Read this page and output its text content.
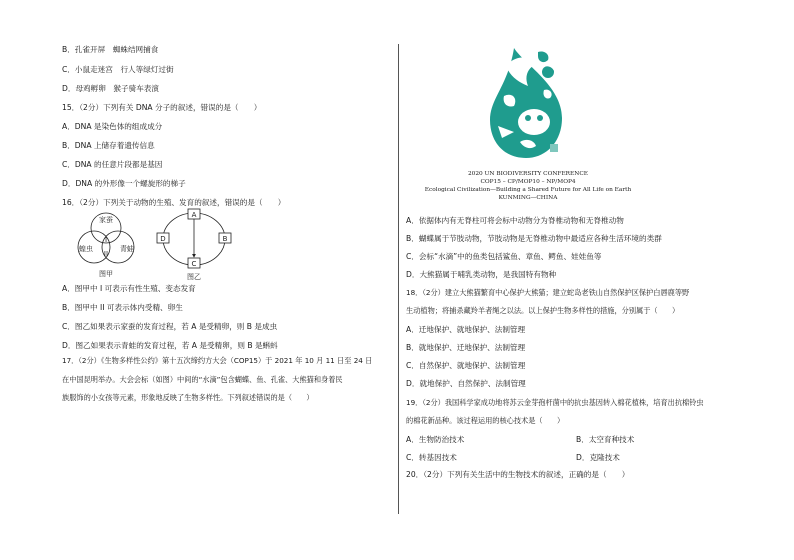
B．孔雀开屏　蜘蛛结网捕食
C．小鼠走迷宫　行人等绿灯过街
D．母鸡孵卵　猴子骑车表演
15．（2分）下列有关 DNA 分子的叙述，错误的是（　　）
A．DNA 是染色体的组成成分
B．DNA 上储存着遗传信息
C．DNA 的任意片段都是基因
D．DNA 的外形像一个螺旋形的梯子
16．（2分）下列关于动物的生殖、发育的叙述，错误的是（　　）
家蚕
蝗虫	青蛙
I
II
图甲
A
B
C
D
图乙
A．图甲中 I 可表示有性生殖、变态发育
B．图甲中 II 可表示体内受精、卵生
C．图乙如果表示家蚕的发育过程，若 A 是受精卵，则 B 是成虫
D．图乙如果表示青蛙的发育过程，若 A 是受精卵，则 B 是蝌蚪
17．（2分）《生物多样性公约》第十五次缔约方大会（COP15）于 2021 年 10 月 11 日至 24 日
在中国昆明举办。大会会标（如图）中间的“水滴”包含蝴蝶、鱼、孔雀、大熊猫和身着民
族服饰的小女孩等元素，形象地反映了生物多样性。下列叙述错误的是（　　）
2020 UN BIODIVERSITY CONFERENCE
COP15 – CP/MOP10 – NP/MOP4
Ecological Civilization—Building a Shared Future for All Life on Earth
KUNMING—CHINA
A．依据体内有无脊柱可将会标中动物分为脊椎动物和无脊椎动物
B．蝴蝶属于节肢动物，节肢动物是无脊椎动物中最适应各种生活环境的类群
C．会标“水滴”中的鱼类包括鲨鱼、章鱼、鳄鱼、娃娃鱼等
D．大熊猫属于哺乳类动物，是我国特有物种
18．（2分）建立大熊猫繁育中心保护大熊猫；建立蛇岛老铁山自然保护区保护白唇鹿等野
生动植物；将捕杀藏羚羊者绳之以法。以上保护生物多样性的措施，分别属于（　　）
A．迁地保护、就地保护、法制管理
B．就地保护、迁地保护、法制管理
C．自然保护、就地保护、法制管理
D．就地保护、自然保护、法制管理
19．（2分）我国科学家成功地将苏云金芽孢杆菌中的抗虫基因转入棉花植株，培育出抗棉铃虫
的棉花新品种。该过程运用的核心技术是（　　）
A．生物防治技术	B．太空育种技术
C．转基因技术	D．克隆技术
20．（2分）下列有关生活中的生物技术的叙述，正确的是（　　）
